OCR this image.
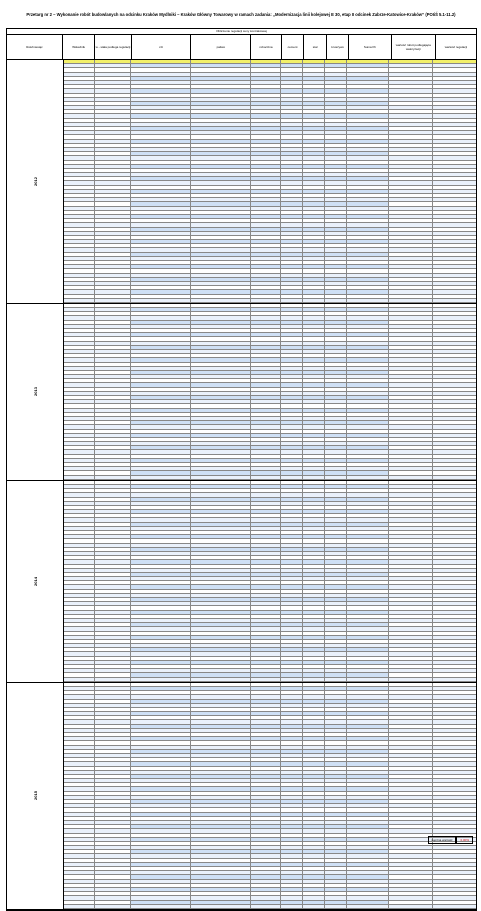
Przetarg nr 2 – Wykonanie robót budowlanych na odcinku Kraków Mydlniki – Kraków Główny Towarowy w ramach zadania: „Modernizacja linii kolejowej E 30, etap II odcinek Zabrze-Katowice-Kraków” (POIiŚ 5.1-11.2)
Obliczenie regulacji ceny kontraktowej
Rok/miesiąc	Wskaźnik	w - stała podlega regulacji	czt	paliwo	robocizna	cement	stal	kruszywo	Suma Pn	wartość robót podlegająca waloryzacji	wartość regulacji
2012
2013
2014
2015
Łączna wartość	0,00%
